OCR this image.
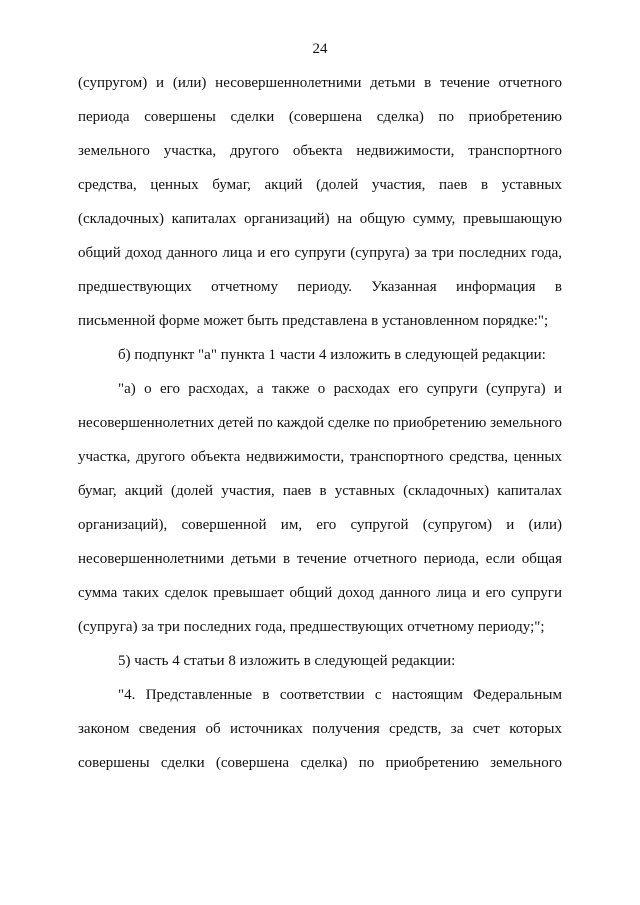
24
(супругом) и (или) несовершеннолетними детьми в течение отчетного
периода совершены сделки (совершена сделка) по приобретению
земельного участка, другого объекта недвижимости, транспортного
средства, ценных бумаг, акций (долей участия, паев в уставных
(складочных) капиталах организаций) на общую сумму, превышающую
общий доход данного лица и его супруги (супруга) за три последних года,
предшествующих отчетному периоду. Указанная информация в
письменной форме может быть представлена в установленном порядке:";
б) подпункт "а" пункта 1 части 4 изложить в следующей редакции:
"а) о его расходах, а также о расходах его супруги (супруга) и
несовершеннолетних детей по каждой сделке по приобретению земельного
участка, другого объекта недвижимости, транспортного средства, ценных
бумаг, акций (долей участия, паев в уставных (складочных) капиталах
организаций), совершенной им, его супругой (супругом) и (или)
несовершеннолетними детьми в течение отчетного периода, если общая
сумма таких сделок превышает общий доход данного лица и его супруги
(супруга) за три последних года, предшествующих отчетному периоду;";
5) часть 4 статьи 8 изложить в следующей редакции:
"4. Представленные в соответствии с настоящим Федеральным
законом сведения об источниках получения средств, за счет которых
совершены сделки (совершена сделка) по приобретению земельного
